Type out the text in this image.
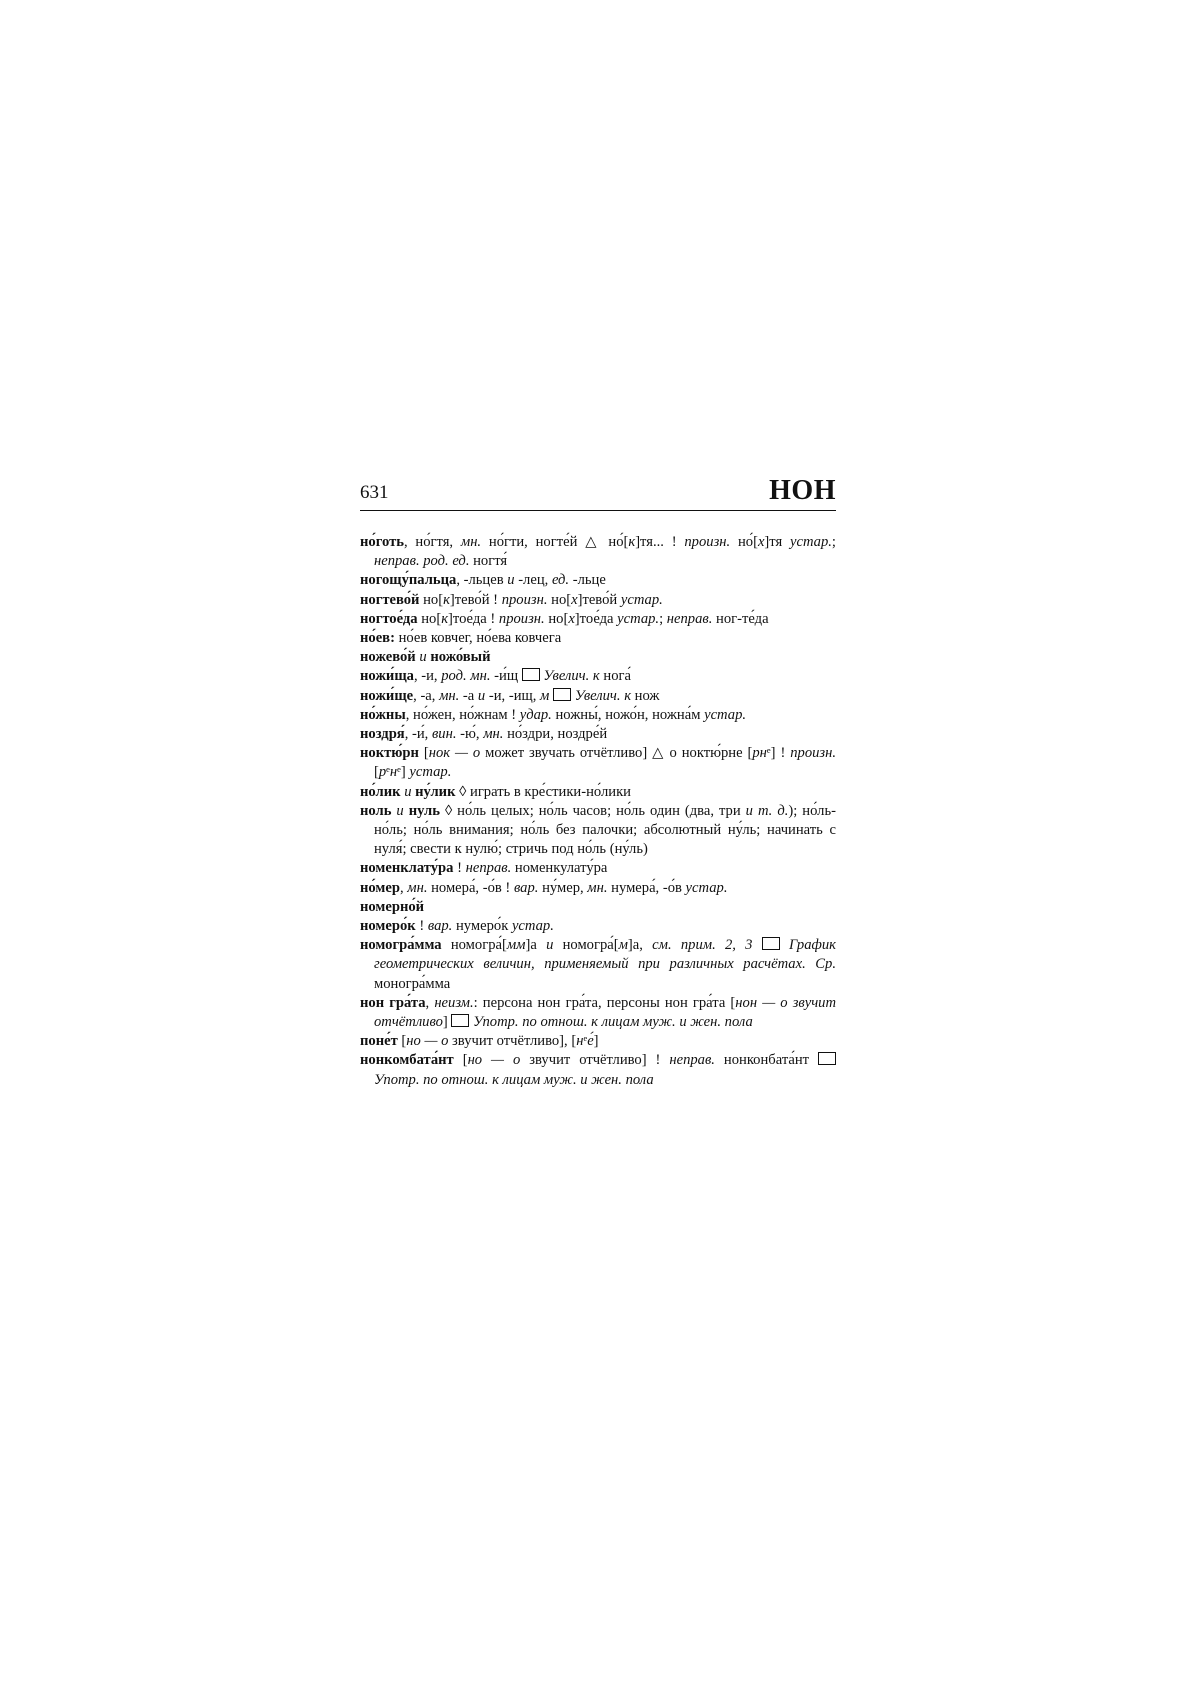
631	НОН
но́готь, но́гтя, мн. но́гти, ногте́й △ но́[к]тя... ! произн. но́[х]тя устар.; неправ. род. ед. ногтя́
ногощу́пальца, -льцев и -лец, ед. -льце
ногтево́й но[к]тево́й ! произн. но[х]тево́й устар.
ногтое́да но[к]тое́да ! произн. но[х]тое́да устар.; неправ. ног-те́да
но́ев: но́ев ковчег, но́ева ковчега
ножево́й и ножо́вый
ножи́ща, -и, род. мн. -и́щ  Увелич. к нога́
ножи́ще, -а, мн. -а и -и, -ищ, м Увелич. к нож
но́жны, но́жен, но́жнам ! удар. ножны́, ножо́н, ножна́м устар.
ноздря́, -и́, вин. -ю́, мн. но́здри, ноздре́й
ноктю́рн [нок — о может звучать отчётливо] △ о ноктю́рне [рнᵉ] ! произн. [рᵉнᵉ] устар.
но́лик и ну́лик ◊ играть в кре́стики-но́лики
ноль и нуль ◊ но́ль целых; но́ль часов; но́ль один (два, три и т. д.); но́ль-но́ль; но́ль внимания; но́ль без палочки; абсолютный ну́ль; начинать с нуля́; свести к нулю́; стричь под но́ль (ну́ль)
номенклату́ра ! неправ. номенкулату́ра
но́мер, мн. номера́, -о́в ! вар. ну́мер, мн. нумера́, -о́в устар.
номерно́й
номеро́к ! вар. нумеро́к устар.
номогра́мма номогра́[мм]а и номогра́[м]а, см. прим. 2, 3	График геометрических величин, применяемый при различных расчётах. Ср. моногра́мма
нон гра́та, неизм.: персона нон гра́та, персоны нон гра́та [нон — о звучит отчётливо]  Употр. по отнош. к лицам муж. и жен. пола
поне́т [но — о звучит отчётливо], [нᵉе́]
нонкомбата́нт [но — о звучит отчётливо] ! неправ. нонконбата́нт  Употр. по отнош. к лицам муж. и жен. пола
